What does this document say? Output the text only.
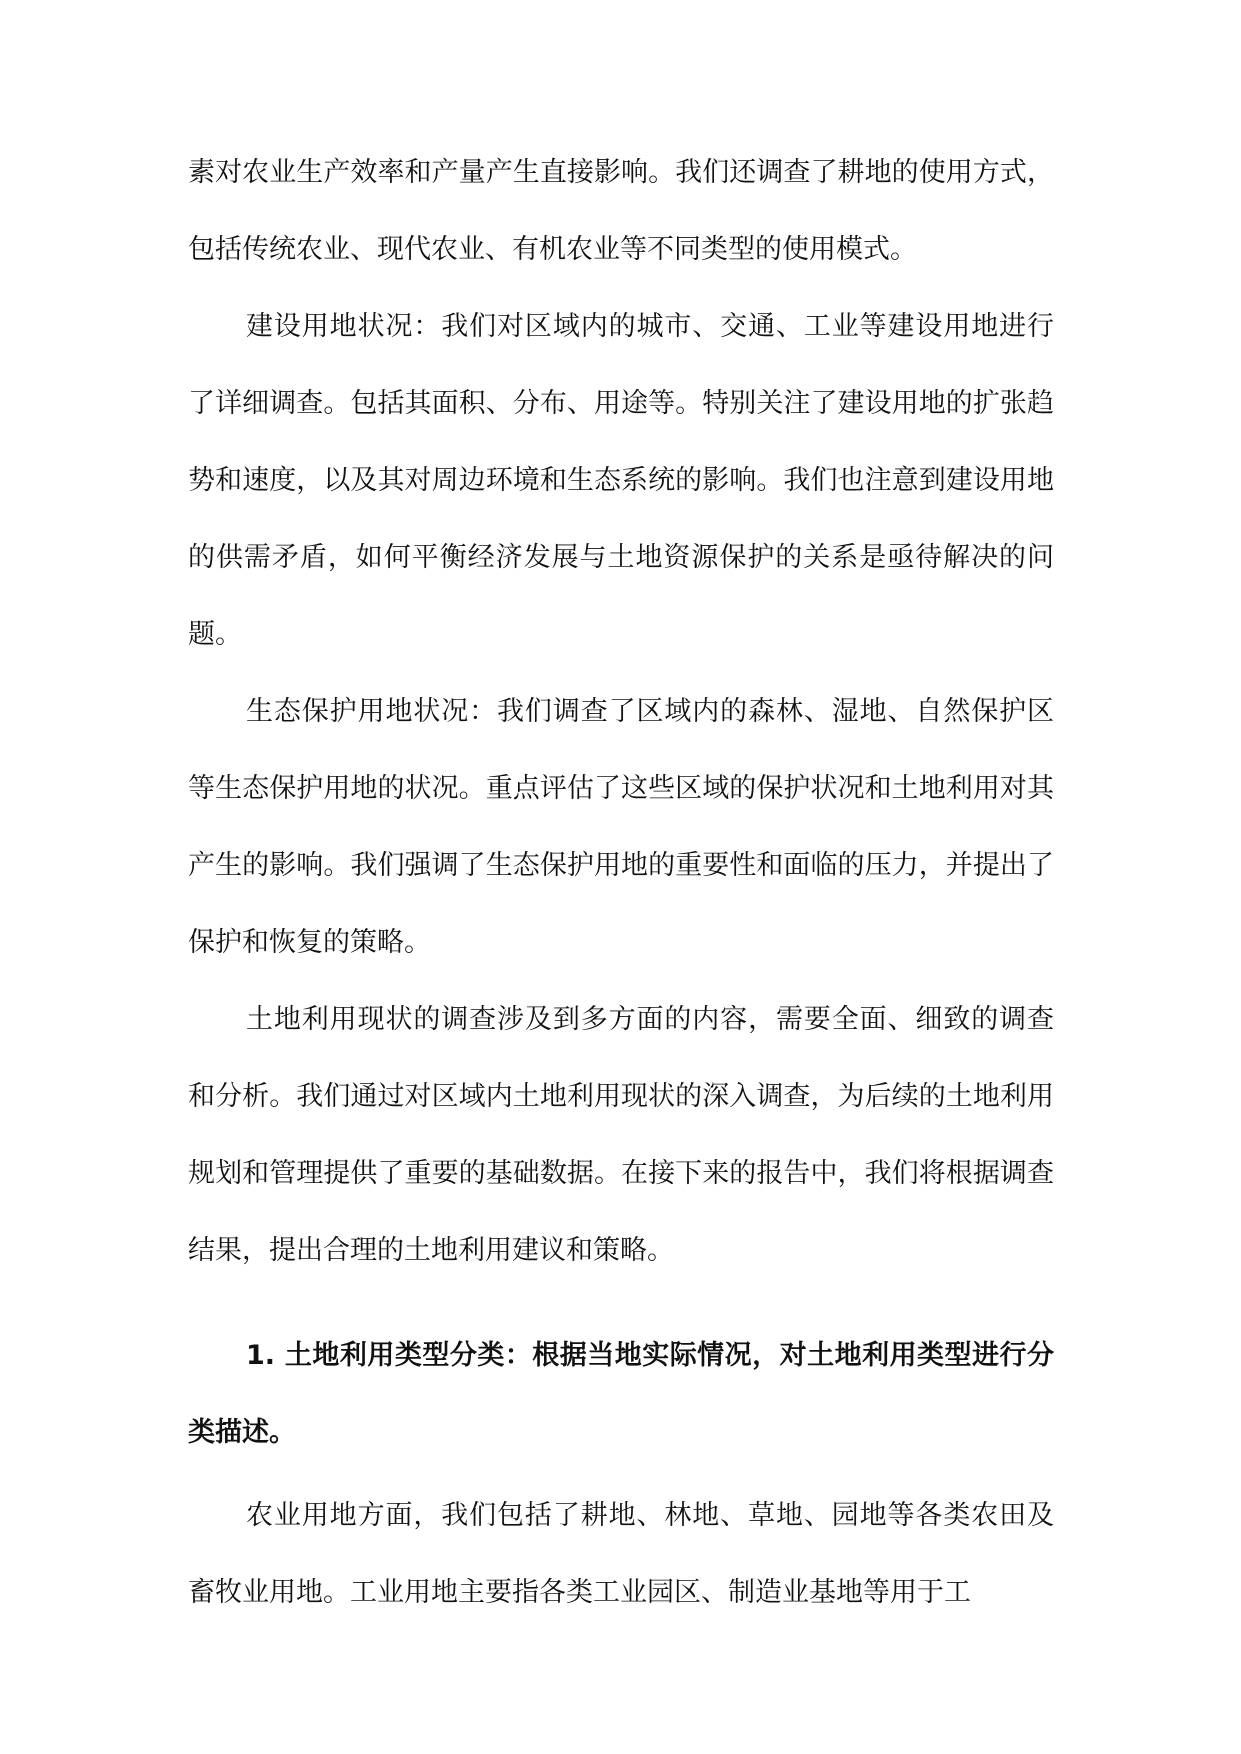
素对农业生产效率和产量产生直接影响。我们还调查了耕地的使用方式，包括传统农业、现代农业、有机农业等不同类型的使用模式。

建设用地状况：我们对区域内的城市、交通、工业等建设用地进行了详细调查。包括其面积、分布、用途等。特别关注了建设用地的扩张趋势和速度，以及其对周边环境和生态系统的影响。我们也注意到建设用地的供需矛盾，如何平衡经济发展与土地资源保护的关系是亟待解决的问题。

生态保护用地状况：我们调查了区域内的森林、湿地、自然保护区等生态保护用地的状况。重点评估了这些区域的保护状况和土地利用对其产生的影响。我们强调了生态保护用地的重要性和面临的压力，并提出了保护和恢复的策略。

土地利用现状的调查涉及到多方面的内容，需要全面、细致的调查和分析。我们通过对区域内土地利用现状的深入调查，为后续的土地利用规划和管理提供了重要的基础数据。在接下来的报告中，我们将根据调查结果，提出合理的土地利用建议和策略。

1. 土地利用类型分类：根据当地实际情况，对土地利用类型进行分类描述。

农业用地方面，我们包括了耕地、林地、草地、园地等各类农田及畜牧业用地。工业用地主要指各类工业园区、制造业基地等用于工
